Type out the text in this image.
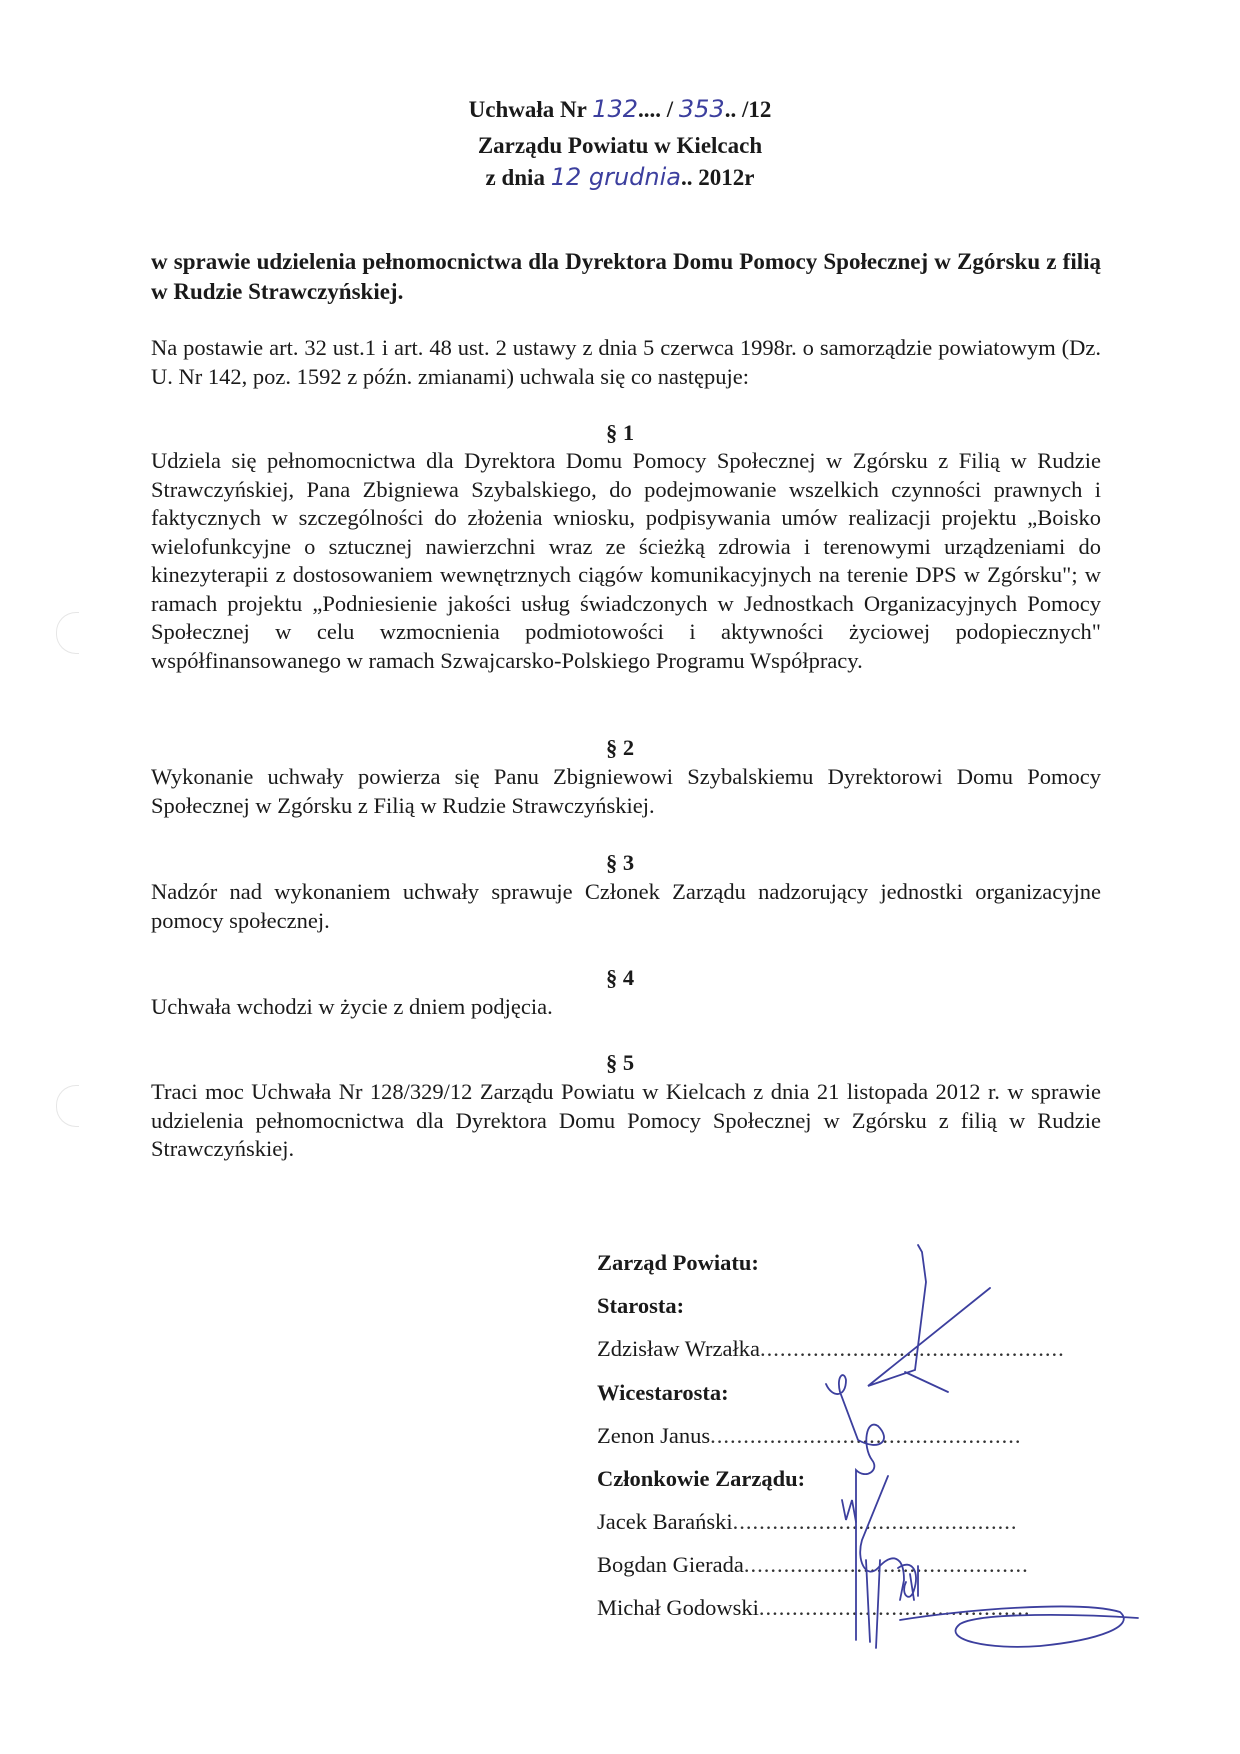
Uchwała Nr 132.... / 353.. /12
Zarządu Powiatu w Kielcach
z dnia 12 grudnia.. 2012r
w sprawie udzielenia pełnomocnictwa dla Dyrektora Domu Pomocy Społecznej w Zgórsku z filią w Rudzie Strawczyńskiej.
Na postawie art. 32 ust.1 i art. 48 ust. 2 ustawy z dnia 5 czerwca 1998r. o samorządzie powiatowym (Dz. U. Nr 142, poz. 1592 z późn. zmianami) uchwala się co następuje:
§ 1
Udziela się pełnomocnictwa dla Dyrektora Domu Pomocy Społecznej w Zgórsku z Filią w Rudzie Strawczyńskiej, Pana Zbigniewa Szybalskiego, do podejmowanie wszelkich czynności prawnych i faktycznych w szczególności do złożenia wniosku, podpisywania umów realizacji projektu „Boisko wielofunkcyjne o sztucznej nawierzchni wraz ze ścieżką zdrowia i terenowymi urządzeniami do kinezyterapii z dostosowaniem wewnętrznych ciągów komunikacyjnych na terenie DPS w Zgórsku"; w ramach projektu „Podniesienie jakości usług świadczonych w Jednostkach Organizacyjnych Pomocy Społecznej w celu wzmocnienia podmiotowości i aktywności życiowej podopiecznych" współfinansowanego w ramach Szwajcarsko-Polskiego Programu Współpracy.
§ 2
Wykonanie uchwały powierza się Panu Zbigniewowi Szybalskiemu Dyrektorowi Domu Pomocy Społecznej w Zgórsku z Filią w Rudzie Strawczyńskiej.
§ 3
Nadzór nad wykonaniem uchwały sprawuje Członek Zarządu nadzorujący jednostki organizacyjne pomocy społecznej.
§ 4
Uchwała wchodzi w życie z dniem podjęcia.
§ 5
Traci moc Uchwała Nr 128/329/12 Zarządu Powiatu w Kielcach z dnia 21 listopada 2012 r. w sprawie udzielenia pełnomocnictwa dla Dyrektora Domu Pomocy Społecznej w Zgórsku z filią w Rudzie Strawczyńskiej.
Zarząd Powiatu:
Starosta:
Zdzisław Wrzałka..............................................
Wicestarosta:
Zenon Janus...............................................
Członkowie Zarządu:
Jacek Barański...........................................
Bogdan Gierada...........................................
Michał Godowski.........................................
